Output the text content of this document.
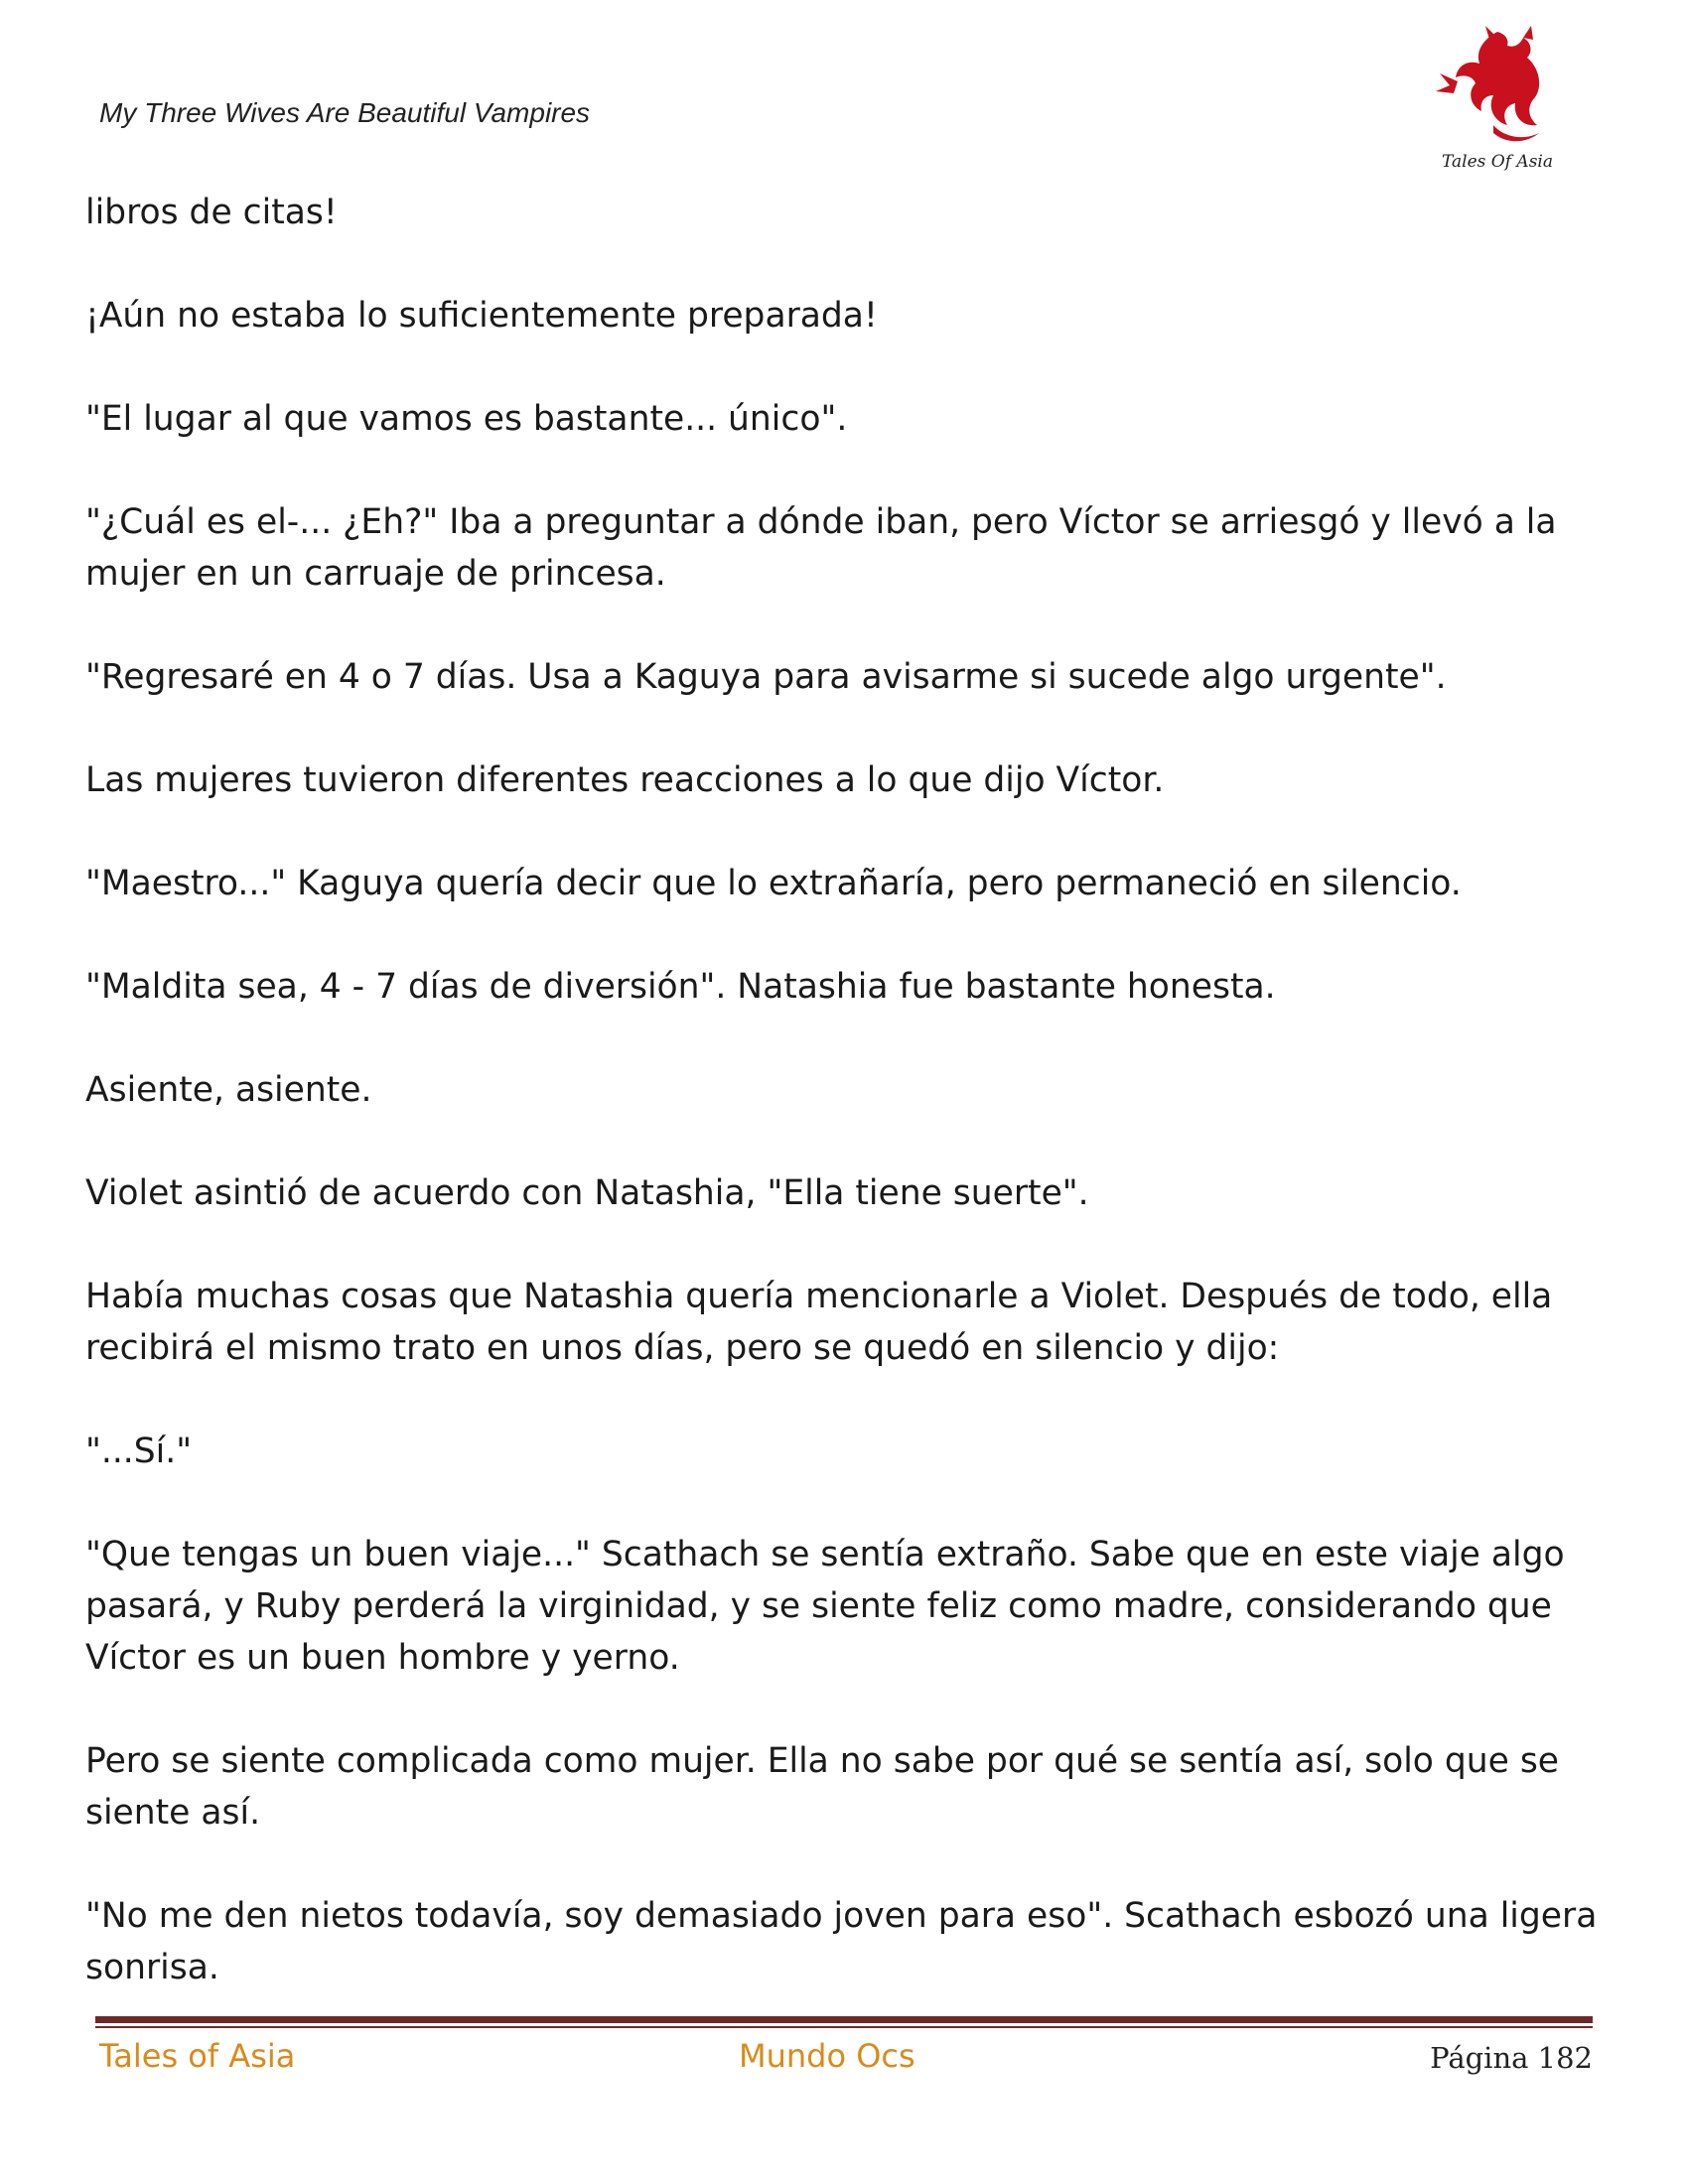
My Three Wives Are Beautiful Vampires
Tales Of Asia

libros de citas!

¡Aún no estaba lo suficientemente preparada!

"El lugar al que vamos es bastante... único".

"¿Cuál es el-... ¿Eh?" Iba a preguntar a dónde iban, pero Víctor se arriesgó y llevó a la mujer en un carruaje de princesa.

"Regresaré en 4 o 7 días. Usa a Kaguya para avisarme si sucede algo urgente".

Las mujeres tuvieron diferentes reacciones a lo que dijo Víctor.

"Maestro..." Kaguya quería decir que lo extrañaría, pero permaneció en silencio.

"Maldita sea, 4 - 7 días de diversión". Natashia fue bastante honesta.

Asiente, asiente.

Violet asintió de acuerdo con Natashia, "Ella tiene suerte".

Había muchas cosas que Natashia quería mencionarle a Violet. Después de todo, ella recibirá el mismo trato en unos días, pero se quedó en silencio y dijo:

"...Sí."

"Que tengas un buen viaje..." Scathach se sentía extraño. Sabe que en este viaje algo pasará, y Ruby perderá la virginidad, y se siente feliz como madre, considerando que Víctor es un buen hombre y yerno.

Pero se siente complicada como mujer. Ella no sabe por qué se sentía así, solo que se siente así.

"No me den nietos todavía, soy demasiado joven para eso". Scathach esbozó una ligera sonrisa.

Tales of Asia	Mundo Ocs	Página 182
